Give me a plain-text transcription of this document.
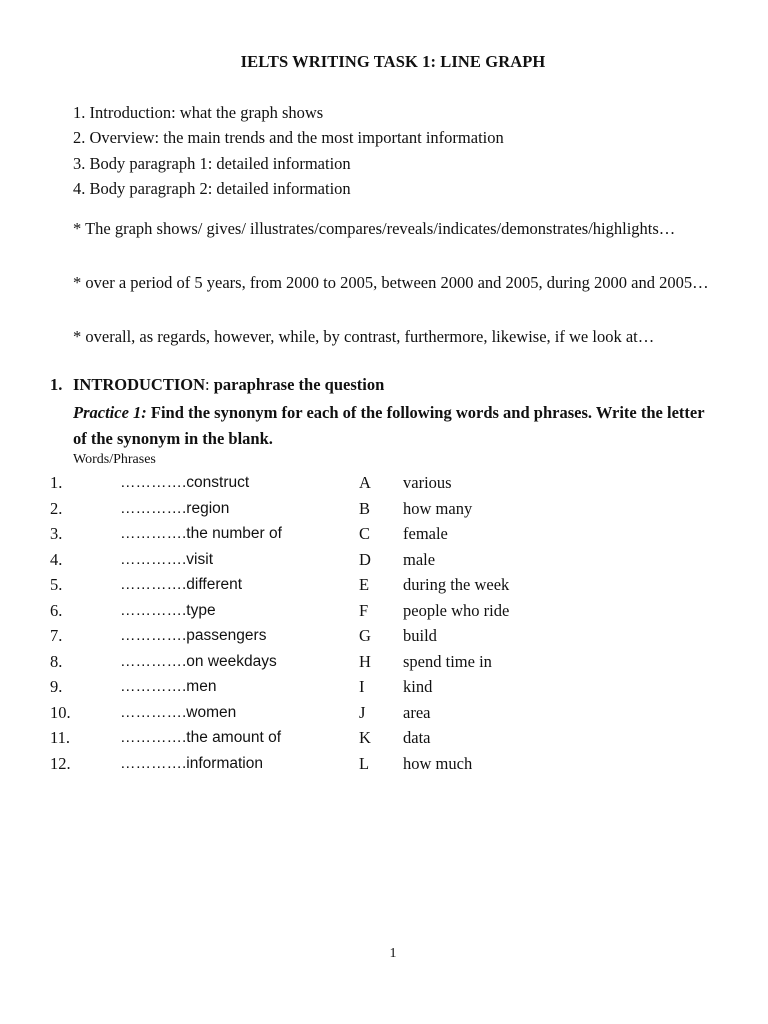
IELTS WRITING TASK 1: LINE GRAPH
1. Introduction: what the graph shows
2. Overview: the main trends and the most important information
3. Body paragraph 1: detailed information
4. Body paragraph 2: detailed information
* The graph shows/ gives/ illustrates/compares/reveals/indicates/demonstrates/highlights…
* over a period of 5 years, from 2000 to 2005, between 2000 and 2005, during 2000 and 2005…
* overall, as regards, however, while, by contrast, furthermore, likewise, if we look at…
1. INTRODUCTION: paraphrase the question
Practice 1: Find the synonym for each of the following words and phrases. Write the letter of the synonym in the blank.
Words/Phrases
1.	………….construct	A various
2.	………….region	B how many
3.	………….the number of	C female
4.	………….visit	D male
5.	………….different	E during the week
6.	………….type	F people who ride
7.	………….passengers	G build
8.	………….on weekdays	H spend time in
9.	………….men	I kind
10.	………….women	J area
11.	………….the amount of	K data
12.	………….information	L how much
1
